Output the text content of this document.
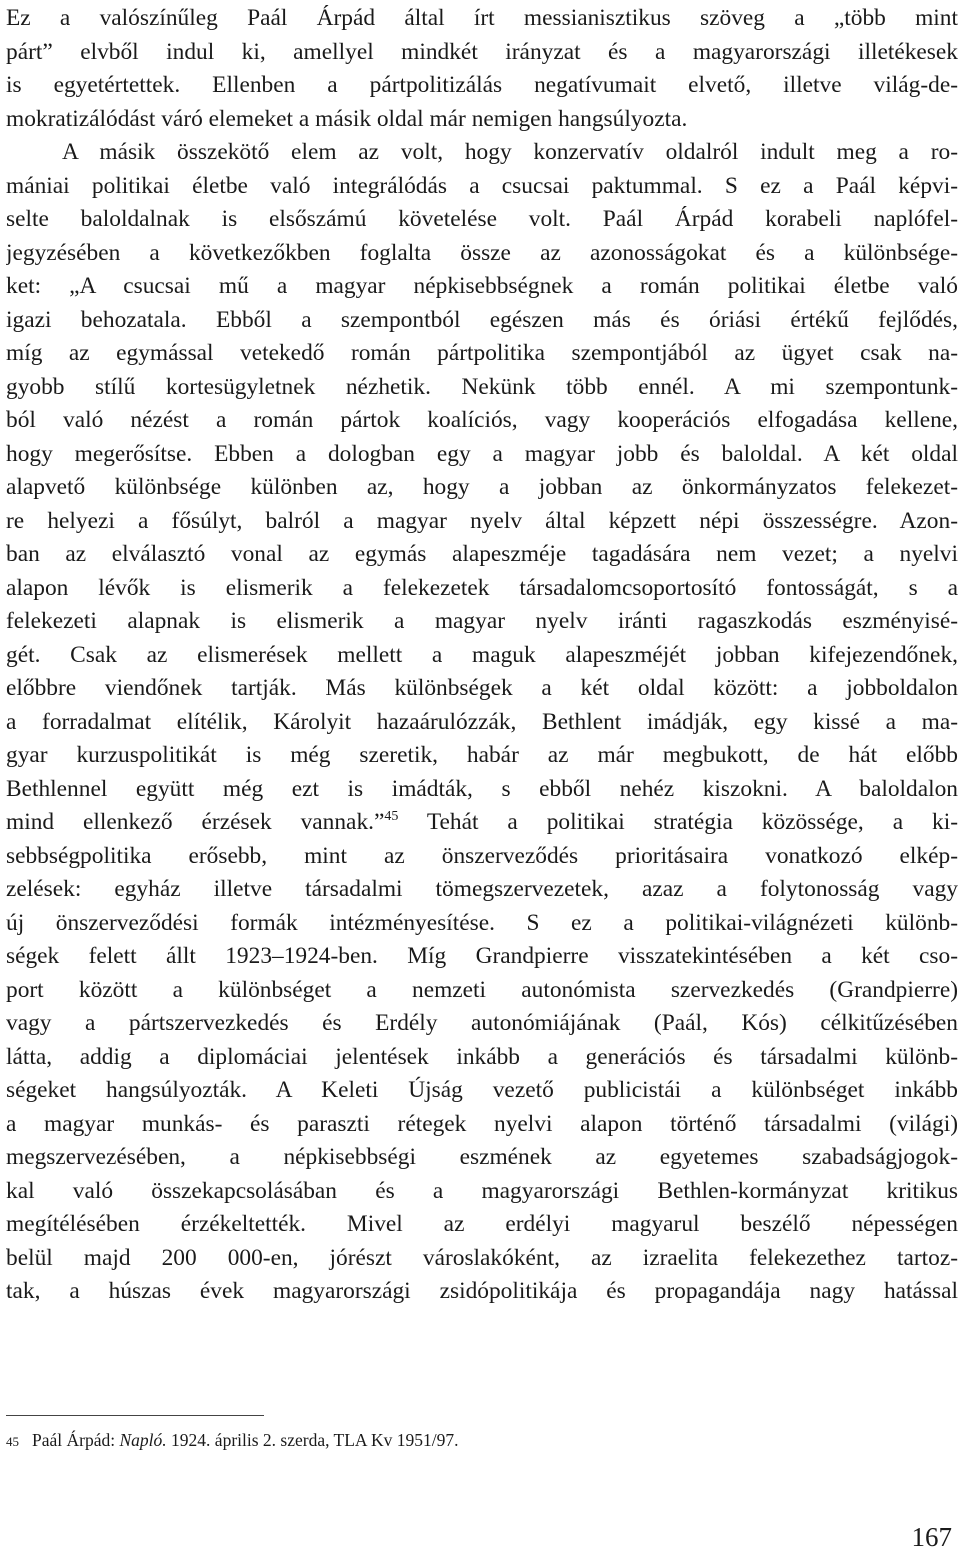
Ez a valószínűleg Paál Árpád által írt messianisztikus szöveg a „több mint
párt” elvből indul ki, amellyel mindkét irányzat és a magyarországi illetékesek
is egyetértettek. Ellenben a pártpolitizálás negatívumait elvető, illetve világ-de-
mokratizálódást váró elemeket a másik oldal már nemigen hangsúlyozta.
A másik összekötő elem az volt, hogy konzervatív oldalról indult meg a ro-
mániai politikai életbe való integrálódás a csucsai paktummal. S ez a Paál képvi-
selte baloldalnak is elsőszámú követelése volt. Paál Árpád korabeli naplófel-
jegyzésében a következőkben foglalta össze az azonosságokat és a különbsége-
ket: „A csucsai mű a magyar népkisebbségnek a román politikai életbe való
igazi behozatala. Ebből a szempontból egészen más és óriási értékű fejlődés,
míg az egymással vetekedő román pártpolitika szempontjából az ügyet csak na-
gyobb stílű kortesügyletnek nézhetik. Nekünk több ennél. A mi szempontunk-
ból való nézést a román pártok koalíciós, vagy kooperációs elfogadása kellene,
hogy megerősítse. Ebben a dologban egy a magyar jobb és baloldal. A két oldal
alapvető különbsége különben az, hogy a jobban az önkormányzatos felekezet-
re helyezi a fősúlyt, balról a magyar nyelv által képzett népi összességre. Azon-
ban az elválasztó vonal az egymás alapeszméje tagadására nem vezet; a nyelvi
alapon lévők is elismerik a felekezetek társadalomcsoportosító fontosságát, s a
felekezeti alapnak is elismerik a magyar nyelv iránti ragaszkodás eszményisé-
gét. Csak az elismerések mellett a maguk alapeszméjét jobban kifejezendőnek,
előbbre viendőnek tartják. Más különbségek a két oldal között: a jobboldalon
a forradalmat elítélik, Károlyit hazaárulózzák, Bethlent imádják, egy kissé a ma-
gyar kurzuspolitikát is még szeretik, habár az már megbukott, de hát előbb
Bethlennel együtt még ezt is imádták, s ebből nehéz kiszokni. A baloldalon
mind ellenkező érzések vannak.”$^{45}$ Tehát a politikai stratégia közössége, a ki-
sebbségpolitika erősebb, mint az önszerveződés prioritásaira vonatkozó elkép-
zelések: egyház illetve társadalmi tömegszervezetek, azaz a folytonosság vagy
új önszerveződési formák intézményesítése. S ez a politikai-világnézeti különb-
ségek felett állt 1923–1924-ben. Míg Grandpierre visszatekintésében a két cso-
port között a különbséget a nemzeti autonómista szervezkedés (Grandpierre)
vagy a pártszervezkedés és Erdély autonómiájának (Paál, Kós) célkitűzésében
látta, addig a diplomáciai jelentések inkább a generációs és társadalmi különb-
ségeket hangsúlyozták. A Keleti Újság vezető publicistái a különbséget inkább
a magyar munkás- és paraszti rétegek nyelvi alapon történő társadalmi (világi)
megszervezésében, a népkisebbségi eszmének az egyetemes szabadságjogok-
kal való összekapcsolásában és a magyarországi Bethlen-kormányzat kritikus
megítélésében érzékeltették. Mivel az erdélyi magyarul beszélő népességen
belül majd 200 000-en, jórészt városlakóként, az izraelita felekezethez tartoz-
tak, a húszas évek magyarországi zsidópolitikája és propagandája nagy hatással
45 Paál Árpád: Napló. 1924. április 2. szerda, TLA Kv 1951/97.
167
